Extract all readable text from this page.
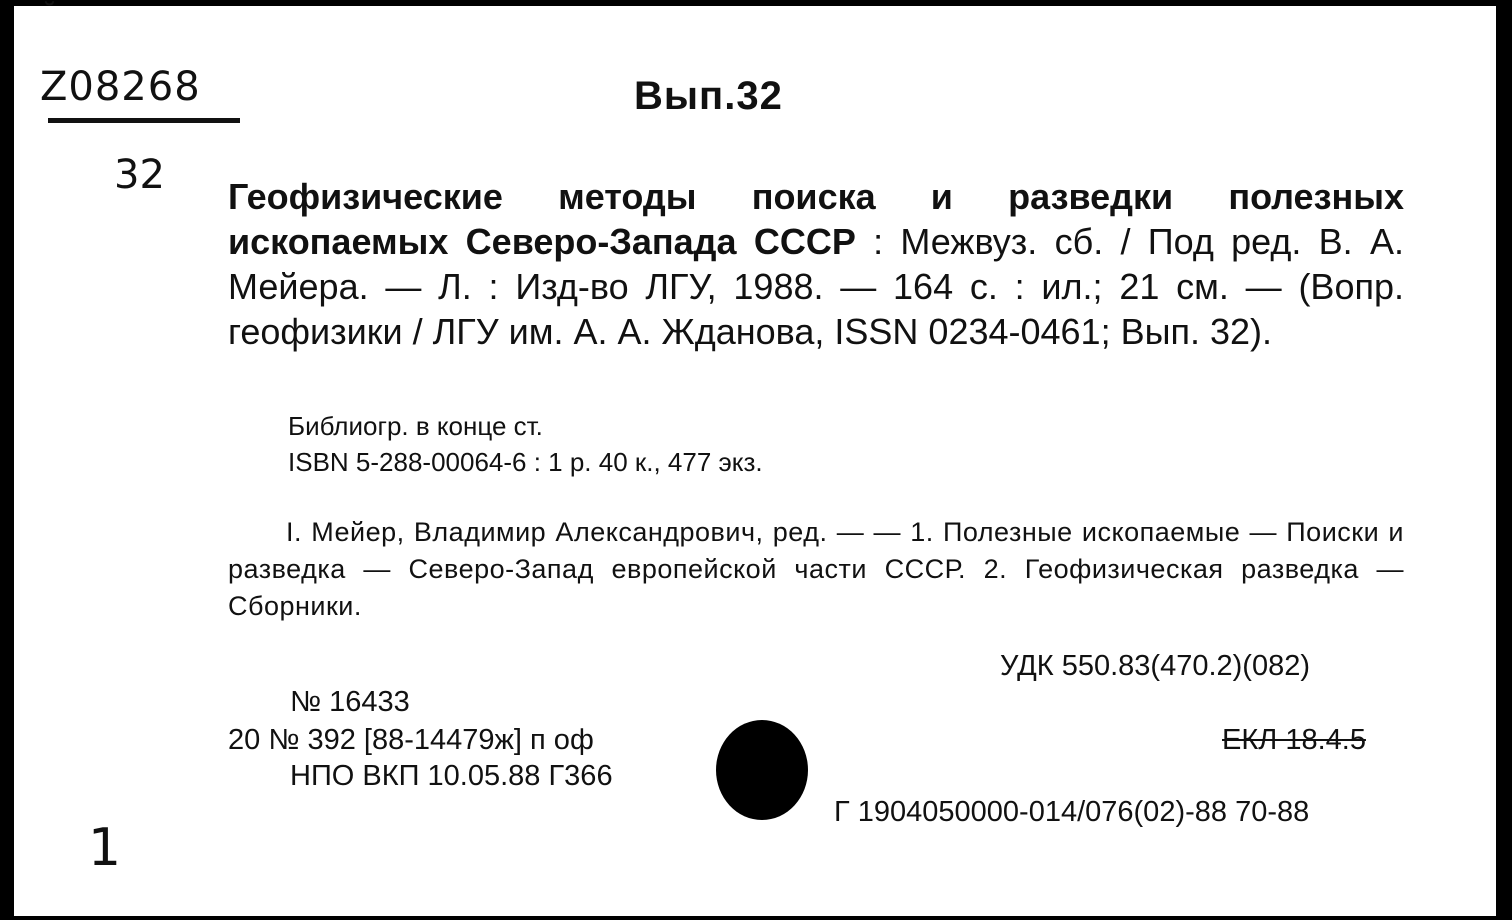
˘
Z08268
32
Вып.32
Геофизические методы поиска и разведки полезных ископаемых Северо-Запада СССР : Межвуз. сб. / Под ред. В. А. Мейера. — Л. : Изд-во ЛГУ, 1988. — 164 с. : ил.; 21 см. — (Вопр. геофизики / ЛГУ им. А. А. Жданова, ISSN 0234-0461; Вып. 32).
Библиогр. в конце ст.
ISBN 5-288-00064-6 : 1 р. 40 к., 477 экз.
I. Мейер, Владимир Александрович, ред. — — 1. Полезные ископаемые — Поиски и разведка — Северо-Запад европейской части СССР. 2. Геофизическая разведка — Сборники.
УДК 550.83(470.2)(082)
№ 16433
20 № 392 [88-14479ж] п оф
НПО ВКП 10.05.88 Г366
ЕКЛ 18.4.5
Г 1904050000-014/076(02)-88 70-88
1
